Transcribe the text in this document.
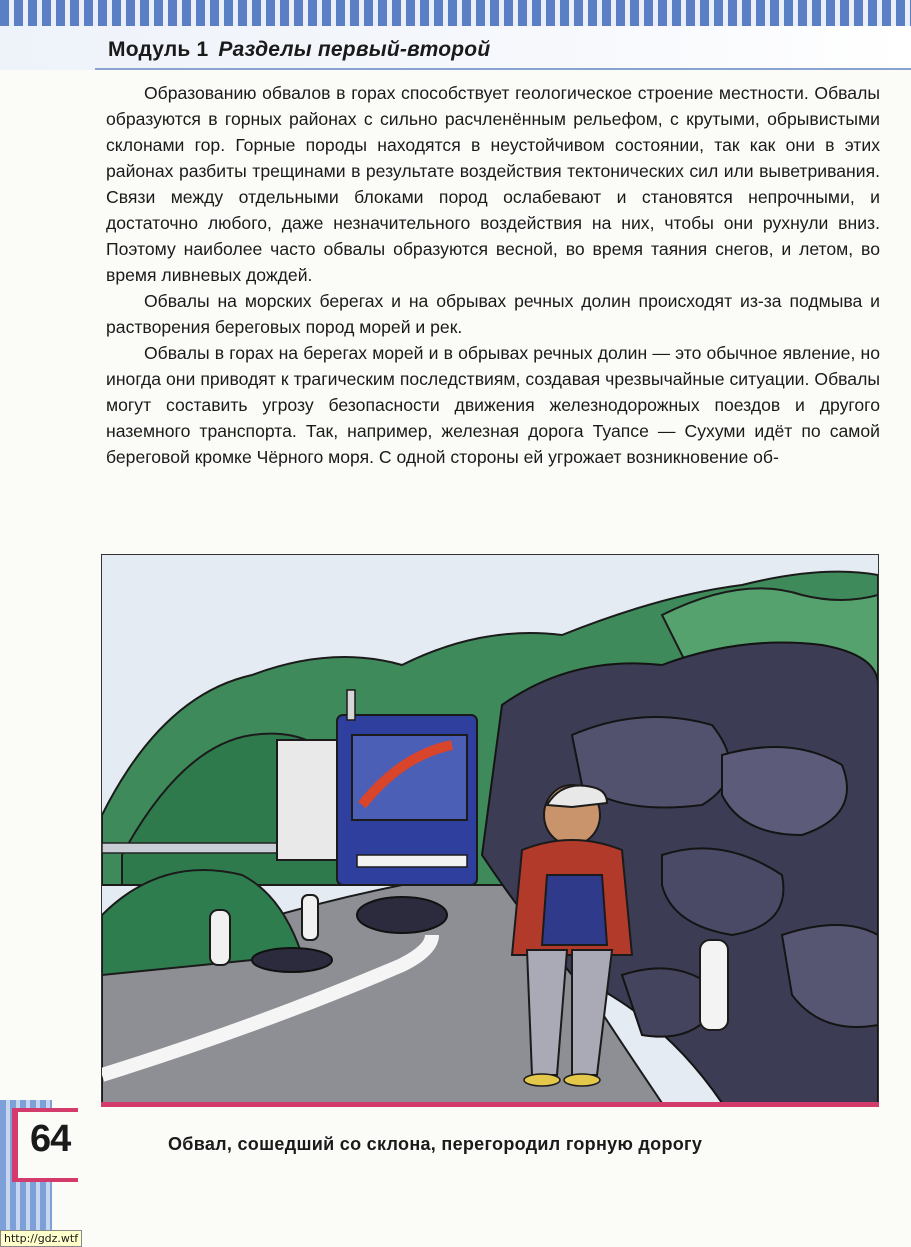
Модуль 1 Разделы первый-второй

Образованию обвалов в горах способствует геологическое строение местности. Обвалы образуются в горных районах с сильно расчленённым рельефом, с крутыми, обрывистыми склонами гор. Горные породы находятся в неустойчивом состоянии, так как они в этих районах разбиты трещинами в результате воздействия тектонических сил или выветривания. Связи между отдельными блоками пород ослабевают и становятся непрочными, и достаточно любого, даже незначительного воздействия на них, чтобы они рухнули вниз. Поэтому наиболее часто обвалы образуются весной, во время таяния снегов, и летом, во время ливневых дождей.

Обвалы на морских берегах и на обрывах речных долин происходят из-за подмыва и растворения береговых пород морей и рек.

Обвалы в горах на берегах морей и в обрывах речных долин — это обычное явление, но иногда они приводят к трагическим последствиям, создавая чрезвычайные ситуации. Обвалы могут составить угрозу безопасности движения железнодорожных поездов и другого наземного транспорта. Так, например, железная дорога Туапсе — Сухуми идёт по самой береговой кромке Чёрного моря. С одной стороны ей угрожает возникновение об-

64	Обвал, сошедший со склона, перегородил горную дорогу
http://gdz.wtf
